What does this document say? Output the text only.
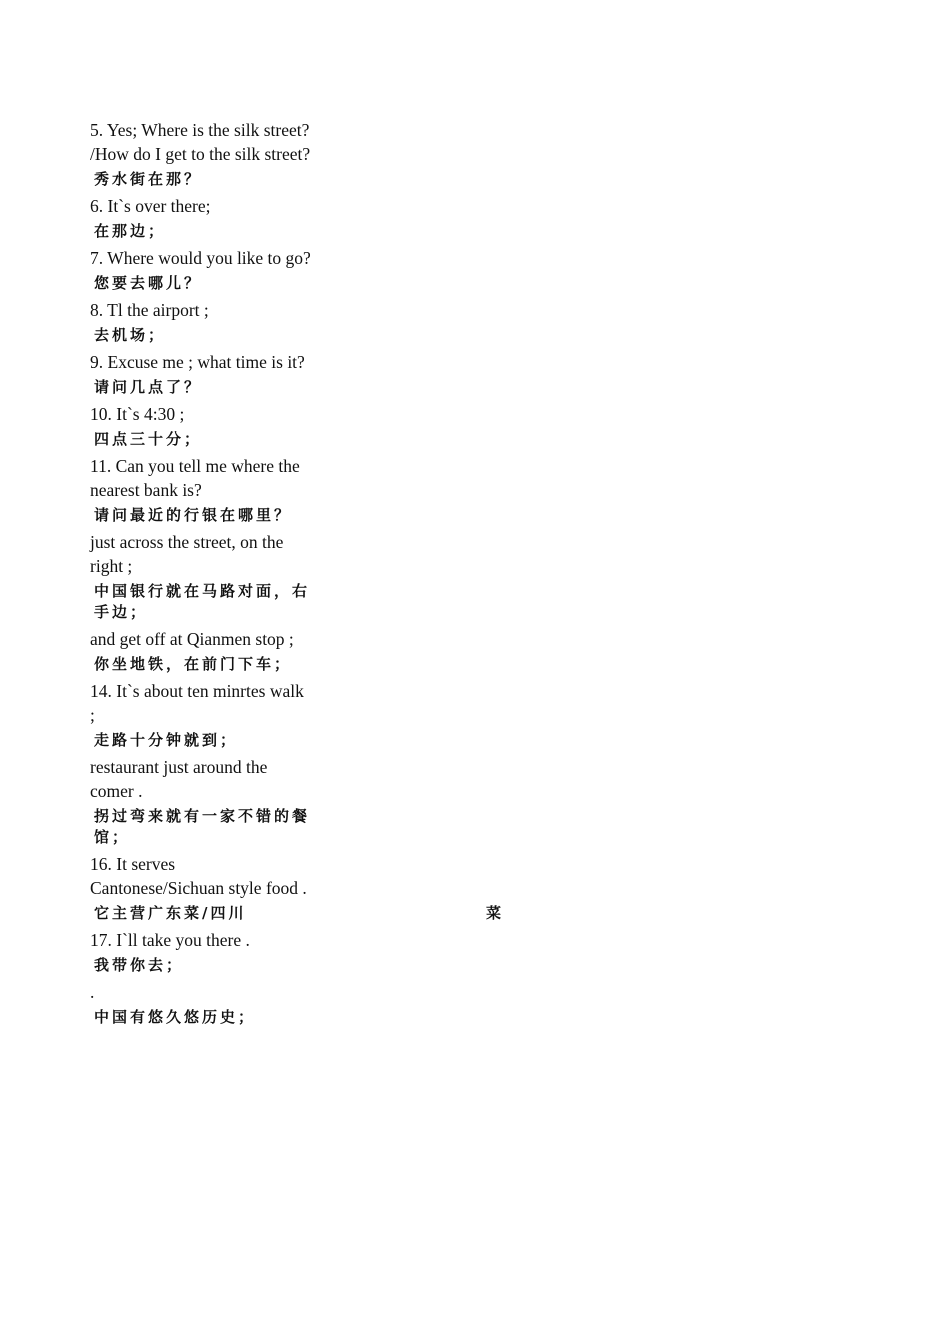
5. Yes; Where is the silk street? /How do I get to the silk street?

秀水街在那？

6. It`s over there;

在那边；

7. Where would you like to go?

您要去哪儿？

8. Tl the airport ;

去机场；

9. Excuse me ; what time is it?

请问几点了？

10. It`s 4:30 ;

四点三十分；

11. Can you tell me where the nearest bank is?

请问最近的行银在哪里？

just across the street, on the right ;

中国银行就在马路对面，右手边；

and get off at Qianmen stop ;

你坐地铁，在前门下车；

14. It`s about ten minrtes walk ;

走路十分钟就到；

restaurant just around the comer .

拐过弯来就有一家不错的餐馆；

16. It serves Cantonese/Sichuan style food .

它主营广东菜/四川	菜

17. I`ll take you there .

我带你去；

.

中国有悠久悠历史；
